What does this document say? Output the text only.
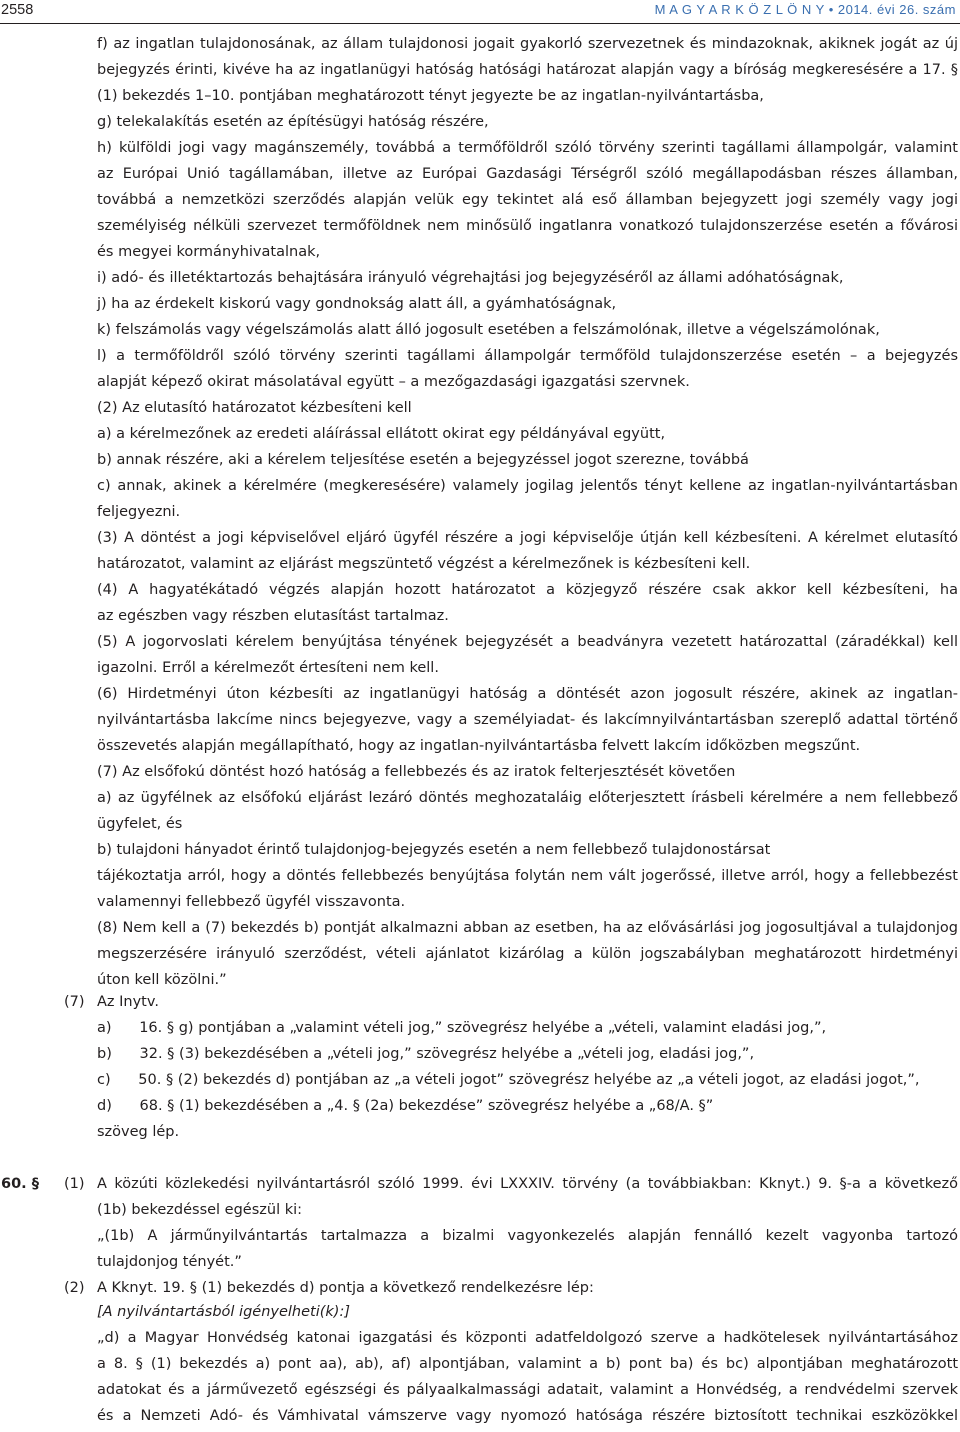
2558	M A G Y A R K Ö Z L Ö N Y • 2014. évi 26. szám
f) az ingatlan tulajdonosának, az állam tulajdonosi jogait gyakorló szervezetnek és mindazoknak, akiknek jogát az új
bejegyzés érinti, kivéve ha az ingatlanügyi hatóság hatósági határozat alapján vagy a bíróság megkeresésére a 17. §
(1) bekezdés 1–10. pontjában meghatározott tényt jegyezte be az ingatlan-nyilvántartásba,
g) telekalakítás esetén az építésügyi hatóság részére,
h) külföldi jogi vagy magánszemély, továbbá a termőföldről szóló törvény szerinti tagállami állampolgár, valamint
az Európai Unió tagállamában, illetve az Európai Gazdasági Térségről szóló megállapodásban részes államban,
továbbá a nemzetközi szerződés alapján velük egy tekintet alá eső államban bejegyzett jogi személy vagy jogi
személyiség nélküli szervezet termőföldnek nem minősülő ingatlanra vonatkozó tulajdonszerzése esetén a fővárosi
és megyei kormányhivatalnak,
i) adó- és illetéktartozás behajtására irányuló végrehajtási jog bejegyzéséről az állami adóhatóságnak,
j) ha az érdekelt kiskorú vagy gondnokság alatt áll, a gyámhatóságnak,
k) felszámolás vagy végelszámolás alatt álló jogosult esetében a felszámolónak, illetve a végelszámolónak,
l) a termőföldről szóló törvény szerinti tagállami állampolgár termőföld tulajdonszerzése esetén – a bejegyzés
alapját képező okirat másolatával együtt – a mezőgazdasági igazgatási szervnek.
(2) Az elutasító határozatot kézbesíteni kell
a) a kérelmezőnek az eredeti aláírással ellátott okirat egy példányával együtt,
b) annak részére, aki a kérelem teljesítése esetén a bejegyzéssel jogot szerezne, továbbá
c) annak, akinek a kérelmére (megkeresésére) valamely jogilag jelentős tényt kellene az ingatlan-nyilvántartásban
feljegyezni.
(3) A döntést a jogi képviselővel eljáró ügyfél részére a jogi képviselője útján kell kézbesíteni. A kérelmet elutasító
határozatot, valamint az eljárást megszüntető végzést a kérelmezőnek is kézbesíteni kell.
(4) A hagyatékátadó végzés alapján hozott határozatot a közjegyző részére csak akkor kell kézbesíteni, ha
az egészben vagy részben elutasítást tartalmaz.
(5) A jogorvoslati kérelem benyújtása tényének bejegyzését a beadványra vezetett határozattal (záradékkal) kell
igazolni. Erről a kérelmezőt értesíteni nem kell.
(6) Hirdetményi úton kézbesíti az ingatlanügyi hatóság a döntését azon jogosult részére, akinek az ingatlan-
nyilvántartásba lakcíme nincs bejegyezve, vagy a személyiadat- és lakcímnyilvántartásban szereplő adattal történő
összevetés alapján megállapítható, hogy az ingatlan-nyilvántartásba felvett lakcím időközben megszűnt.
(7) Az elsőfokú döntést hozó hatóság a fellebbezés és az iratok felterjesztését követően
a) az ügyfélnek az elsőfokú eljárást lezáró döntés meghozataláig előterjesztett írásbeli kérelmére a nem fellebbező
ügyfelet, és
b) tulajdoni hányadot érintő tulajdonjog-bejegyzés esetén a nem fellebbező tulajdonostársat
tájékoztatja arról, hogy a döntés fellebbezés benyújtása folytán nem vált jogerőssé, illetve arról, hogy a fellebbezést
valamennyi fellebbező ügyfél visszavonta.
(8) Nem kell a (7) bekezdés b) pontját alkalmazni abban az esetben, ha az elővásárlási jog jogosultjával a tulajdonjog
megszerzésére irányuló szerződést, vételi ajánlatot kizárólag a külön jogszabályban meghatározott hirdetményi
úton kell közölni.”
Az Inytv.
a)      16. § g) pontjában a „valamint vételi jog,” szövegrész helyébe a „vételi, valamint eladási jog,”,
b)      32. § (3) bekezdésében a „vételi jog,” szövegrész helyébe a „vételi jog, eladási jog,”,
c)      50. § (2) bekezdés d) pontjában az „a vételi jogot” szövegrész helyébe az „a vételi jogot, az eladási jogot,”,
d)      68. § (1) bekezdésében a „4. § (2a) bekezdése” szövegrész helyébe a „68/A. §”
szöveg lép.
A közúti közlekedési nyilvántartásról szóló 1999. évi LXXXIV. törvény (a továbbiakban: Kknyt.) 9. §-a a következő
(1b) bekezdéssel egészül ki:
„(1b) A járműnyilvántartás tartalmazza a bizalmi vagyonkezelés alapján fennálló kezelt vagyonba tartozó
tulajdonjog tényét.”
A Kknyt. 19. § (1) bekezdés d) pontja a következő rendelkezésre lép:
[A nyilvántartásból igényelheti(k):]
„d) a Magyar Honvédség katonai igazgatási és központi adatfeldolgozó szerve a hadkötelesek nyilvántartásához
a 8. § (1) bekezdés a) pont aa), ab), af) alpontjában, valamint a b) pont ba) és bc) alpontjában meghatározott
adatokat és a járművezető egészségi és pályaalkalmassági adatait, valamint a Honvédség, a rendvédelmi szervek
és a Nemzeti Adó- és Vámhivatal vámszerve vagy nyomozó hatósága részére biztosított technikai eszközökkel
(7)
60. § (1)
(2)
